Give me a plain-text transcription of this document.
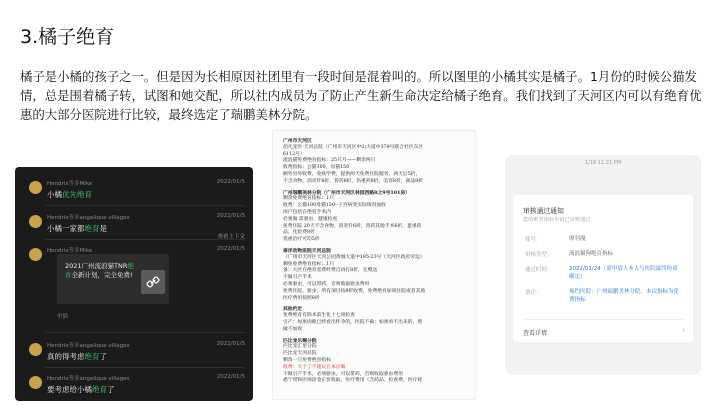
3.橘子绝育
橘子是小橘的孩子之一。但是因为长相原因社团里有一段时间是混着叫的。所以图里的小橘其实是橘子。1月份的时候公猫发情，总是围着橘子转，试图和她交配，所以社内成员为了防止产生新生命决定给橘子绝育。我们找到了天河区内可以有绝育优惠的大部分医院进行比较，最终选定了瑞鹏美林分院。
Hendrix等多Mike	2022/01/5
小橘优先绝育
Hendrix等多angelique villages	2022/01/5
小橘一家都绝育是
Hendrix等多Mike	2022/01/5
查看上下文
2021广州流浪猫TNR绝育全新计划，完全免费!
里猫
Hendrix等多angelique villages	2022/01/5
真的得考虑绝育了
Hendrix等多angelique villages	2022/01/5
要考虑给小橘绝育了
广州市天河区
佰凡宠医·天河总院（广州市天河区中山大道中379号联合社区东区
6112号）
流浪猫免费绝育指标：25只月——剩余两只
收费指标：公猫100，母猫150
额外另外收费，免疫学费，提供两天免费住院服务，两天后5折，
不含食物，消炎针6折，普药6折，伤重药8折，美容8折，商品9折
广州瑞鹏美林分院（广州市天河区林园西路8之9号101房）
剩余免费绝育指标：1只
收费：公猫100母猫150--子宫病变实际情况加收
岗户包括在绝育手术内
必须做 需驱虫，健康检查
免费住院 20天不含食物，消炎针6折，普药其他手术6折，蛋重药
品，化验费8折
优惠治疗可均5折
泰洋动物医院天河总院
（广州市天河区天河公园黄城大道中195-23号（天河区政府旁边）
剩免免费绝育指标：1只
备：大区在绝育恶费经费自再打8折，无赠送
不做引产手术
必须驱虫，可以带药，否则收取驱虫费用
免费住院，驱虫，所有项目按8折收费，免费绝育加项住院或者其他
医疗费用按照8折
其他约定
免费绝育有除术前生化十七项检查
引产：如果肉眼已经看出怀孕的，医院不做；如果看不出来的，照
做不加收
匹比宠乐赐分院
匹比宠汇里分院
匹比宠天河总院
剩余一只免费绝育指标
收费：大于了不建议在本店做
不做引产手术，必须驱虫，可以带药，否则收取驱虫费用
悉宁带和医师涂金正价收取，医疗费用（含药品，检查费，医疗耗
1/18 11:21 PM
审核通过通知
您的绝育指标申请已审核通过
账号：	廖羽漫
审核类型：	流浪猫狗绝育指标
通过时间：	2022/01/24（需申请人本人与医院最终协商确定）
备注：	预约医院：广州瑞鹏美林分院。本次指标为免费指标
查看详情	›
